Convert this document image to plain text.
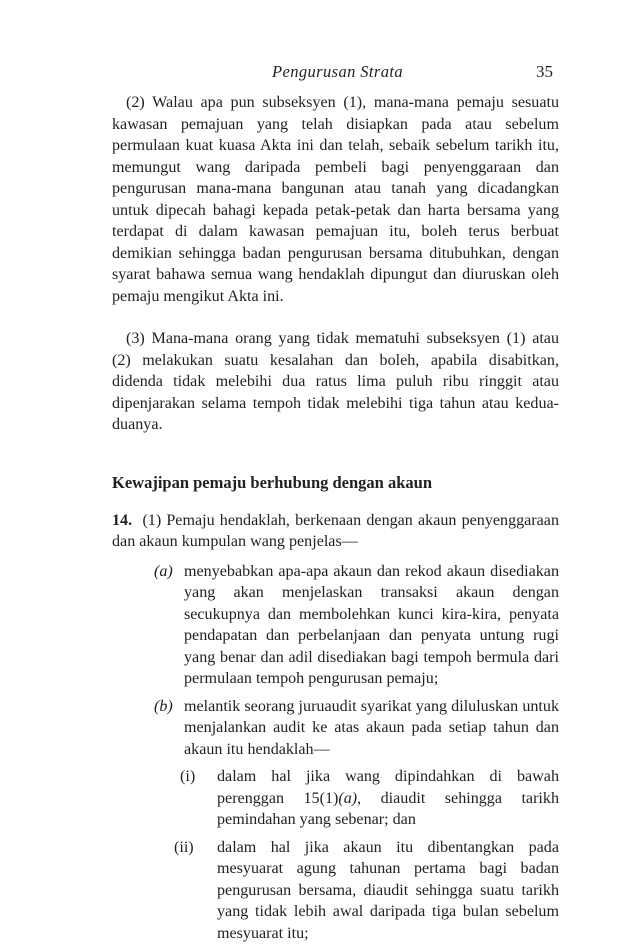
Pengurusan Strata	35

(2) Walau apa pun subseksyen (1), mana-mana pemaju sesuatu kawasan pemajuan yang telah disiapkan pada atau sebelum permulaan kuat kuasa Akta ini dan telah, sebaik sebelum tarikh itu, memungut wang daripada pembeli bagi penyenggaraan dan pengurusan mana-mana bangunan atau tanah yang dicadangkan untuk dipecah bahagi kepada petak-petak dan harta bersama yang terdapat di dalam kawasan pemajuan itu, boleh terus berbuat demikian sehingga badan pengurusan bersama ditubuhkan, dengan syarat bahawa semua wang hendaklah dipungut dan diuruskan oleh pemaju mengikut Akta ini.

(3) Mana-mana orang yang tidak mematuhi subseksyen (1) atau (2) melakukan suatu kesalahan dan boleh, apabila disabitkan, didenda tidak melebihi dua ratus lima puluh ribu ringgit atau dipenjarakan selama tempoh tidak melebihi tiga tahun atau kedua-duanya.

Kewajipan pemaju berhubung dengan akaun

14. (1) Pemaju hendaklah, berkenaan dengan akaun penyenggaraan dan akaun kumpulan wang penjelas—

(a) menyebabkan apa-apa akaun dan rekod akaun disediakan yang akan menjelaskan transaksi akaun dengan secukupnya dan membolehkan kunci kira-kira, penyata pendapatan dan perbelanjaan dan penyata untung rugi yang benar dan adil disediakan bagi tempoh bermula dari permulaan tempoh pengurusan pemaju;

(b) melantik seorang juruaudit syarikat yang diluluskan untuk menjalankan audit ke atas akaun pada setiap tahun dan akaun itu hendaklah—

(i)	dalam hal jika wang dipindahkan di bawah perenggan 15(1)(a), diaudit sehingga tarikh pemindahan yang sebenar; dan

(ii)	dalam hal jika akaun itu dibentangkan pada mesyuarat agung tahunan pertama bagi badan pengurusan bersama, diaudit sehingga suatu tarikh yang tidak lebih awal daripada tiga bulan sebelum mesyuarat itu;
